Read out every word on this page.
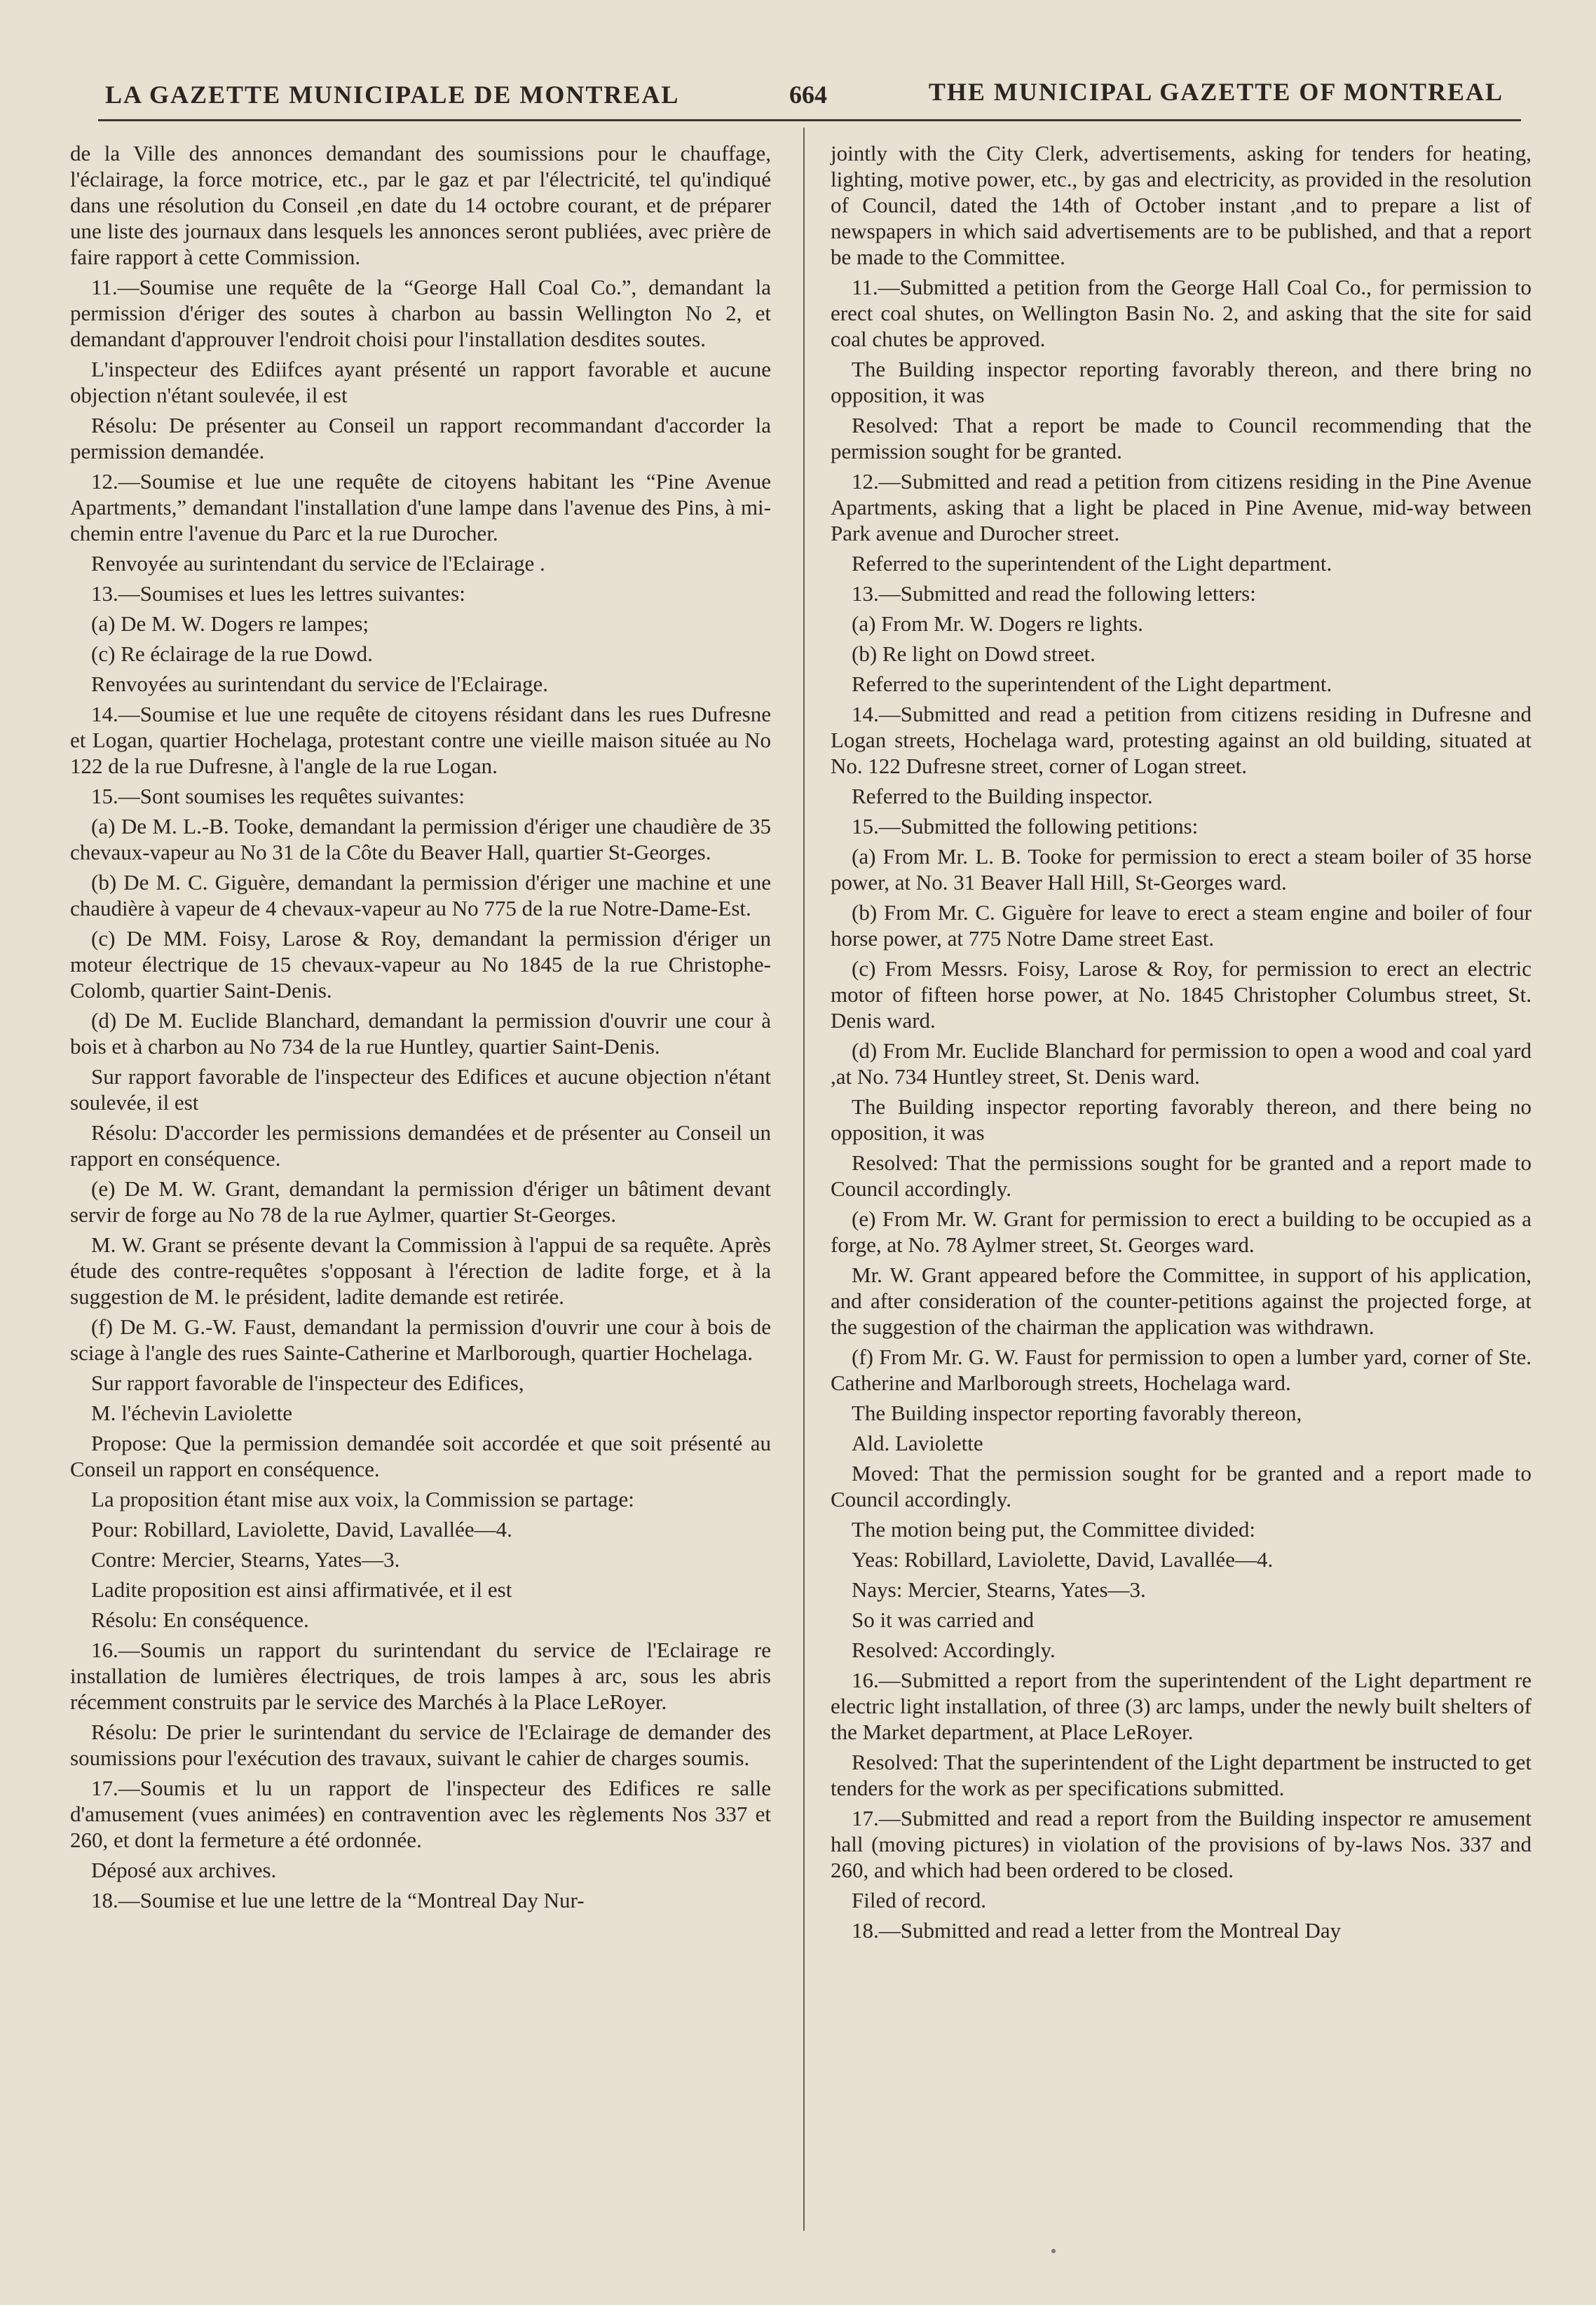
LA GAZETTE MUNICIPALE DE MONTREAL	664	THE MUNICIPAL GAZETTE OF MONTREAL

de la Ville des annonces demandant des soumissions pour le chauffage, l'éclairage, la force motrice, etc., par le gaz et par l'électricité, tel qu'indiqué dans une résolution du Conseil ,en date du 14 octobre courant, et de préparer une liste des journaux dans lesquels les annonces seront publiées, avec prière de faire rapport à cette Commission.

11.—Soumise une requête de la “George Hall Coal Co.”, demandant la permission d'ériger des soutes à charbon au bassin Wellington No 2, et demandant d'approuver l'endroit choisi pour l'installation desdites soutes.

L'inspecteur des Ediifces ayant présenté un rapport favorable et aucune objection n'étant soulevée, il est

Résolu: De présenter au Conseil un rapport recommandant d'accorder la permission demandée.

12.—Soumise et lue une requête de citoyens habitant les “Pine Avenue Apartments,” demandant l'installation d'une lampe dans l'avenue des Pins, à mi-chemin entre l'avenue du Parc et la rue Durocher.

Renvoyée au surintendant du service de l'Eclairage .

13.—Soumises et lues les lettres suivantes:

(a) De M. W. Dogers re lampes;

(c) Re éclairage de la rue Dowd.

Renvoyées au surintendant du service de l'Eclairage.

14.—Soumise et lue une requête de citoyens résidant dans les rues Dufresne et Logan, quartier Hochelaga, protestant contre une vieille maison située au No 122 de la rue Dufresne, à l'angle de la rue Logan.

15.—Sont soumises les requêtes suivantes:

(a) De M. L.-B. Tooke, demandant la permission d'ériger une chaudière de 35 chevaux-vapeur au No 31 de la Côte du Beaver Hall, quartier St-Georges.

(b) De M. C. Giguère, demandant la permission d'ériger une machine et une chaudière à vapeur de 4 chevaux-vapeur au No 775 de la rue Notre-Dame-Est.

(c) De MM. Foisy, Larose & Roy, demandant la permission d'ériger un moteur électrique de 15 chevaux-vapeur au No 1845 de la rue Christophe-Colomb, quartier Saint-Denis.

(d) De M. Euclide Blanchard, demandant la permission d'ouvrir une cour à bois et à charbon au No 734 de la rue Huntley, quartier Saint-Denis.

Sur rapport favorable de l'inspecteur des Edifices et aucune objection n'étant soulevée, il est

Résolu: D'accorder les permissions demandées et de présenter au Conseil un rapport en conséquence.

(e) De M. W. Grant, demandant la permission d'ériger un bâtiment devant servir de forge au No 78 de la rue Aylmer, quartier St-Georges.

M. W. Grant se présente devant la Commission à l'appui de sa requête. Après étude des contre-requêtes s'opposant à l'érection de ladite forge, et à la suggestion de M. le président, ladite demande est retirée.

(f) De M. G.-W. Faust, demandant la permission d'ouvrir une cour à bois de sciage à l'angle des rues Sainte-Catherine et Marlborough, quartier Hochelaga.

Sur rapport favorable de l'inspecteur des Edifices,

M. l'échevin Laviolette

Propose: Que la permission demandée soit accordée et que soit présenté au Conseil un rapport en conséquence.

La proposition étant mise aux voix, la Commission se partage:

Pour: Robillard, Laviolette, David, Lavallée—4.

Contre: Mercier, Stearns, Yates—3.

Ladite proposition est ainsi affirmativée, et il est

Résolu: En conséquence.

16.—Soumis un rapport du surintendant du service de l'Eclairage re installation de lumières électriques, de trois lampes à arc, sous les abris récemment construits par le service des Marchés à la Place LeRoyer.

Résolu: De prier le surintendant du service de l'Eclairage de demander des soumissions pour l'exécution des travaux, suivant le cahier de charges soumis.

17.—Soumis et lu un rapport de l'inspecteur des Edifices re salle d'amusement (vues animées) en contravention avec les règlements Nos 337 et 260, et dont la fermeture a été ordonnée.

Déposé aux archives.

18.—Soumise et lue une lettre de la “Montreal Day Nur-

jointly with the City Clerk, advertisements, asking for tenders for heating, lighting, motive power, etc., by gas and electricity, as provided in the resolution of Council, dated the 14th of October instant ,and to prepare a list of newspapers in which said advertisements are to be published, and that a report be made to the Committee.

11.—Submitted a petition from the George Hall Coal Co., for permission to erect coal shutes, on Wellington Basin No. 2, and asking that the site for said coal chutes be approved.

The Building inspector reporting favorably thereon, and there bring no opposition, it was

Resolved: That a report be made to Council recommending that the permission sought for be granted.

12.—Submitted and read a petition from citizens residing in the Pine Avenue Apartments, asking that a light be placed in Pine Avenue, mid-way between Park avenue and Durocher street.

Referred to the superintendent of the Light department.

13.—Submitted and read the following letters:

(a) From Mr. W. Dogers re lights.

(b) Re light on Dowd street.

Referred to the superintendent of the Light department.

14.—Submitted and read a petition from citizens residing in Dufresne and Logan streets, Hochelaga ward, protesting against an old building, situated at No. 122 Dufresne street, corner of Logan street.

Referred to the Building inspector.

15.—Submitted the following petitions:

(a) From Mr. L. B. Tooke for permission to erect a steam boiler of 35 horse power, at No. 31 Beaver Hall Hill, St-Georges ward.

(b) From Mr. C. Giguère for leave to erect a steam engine and boiler of four horse power, at 775 Notre Dame street East.

(c) From Messrs. Foisy, Larose & Roy, for permission to erect an electric motor of fifteen horse power, at No. 1845 Christopher Columbus street, St. Denis ward.

(d) From Mr. Euclide Blanchard for permission to open a wood and coal yard ,at No. 734 Huntley street, St. Denis ward.

The Building inspector reporting favorably thereon, and there being no opposition, it was

Resolved: That the permissions sought for be granted and a report made to Council accordingly.

(e) From Mr. W. Grant for permission to erect a building to be occupied as a forge, at No. 78 Aylmer street, St. Georges ward.

Mr. W. Grant appeared before the Committee, in support of his application, and after consideration of the counter-petitions against the projected forge, at the suggestion of the chairman the application was withdrawn.

(f) From Mr. G. W. Faust for permission to open a lumber yard, corner of Ste. Catherine and Marlborough streets, Hochelaga ward.

The Building inspector reporting favorably thereon,

Ald. Laviolette

Moved: That the permission sought for be granted and a report made to Council accordingly.

The motion being put, the Committee divided:

Yeas: Robillard, Laviolette, David, Lavallée—4.

Nays: Mercier, Stearns, Yates—3.

So it was carried and

Resolved: Accordingly.

16.—Submitted a report from the superintendent of the Light department re electric light installation, of three (3) arc lamps, under the newly built shelters of the Market department, at Place LeRoyer.

Resolved: That the superintendent of the Light department be instructed to get tenders for the work as per specifications submitted.

17.—Submitted and read a report from the Building inspector re amusement hall (moving pictures) in violation of the provisions of by-laws Nos. 337 and 260, and which had been ordered to be closed.

Filed of record.

18.—Submitted and read a letter from the Montreal Day
